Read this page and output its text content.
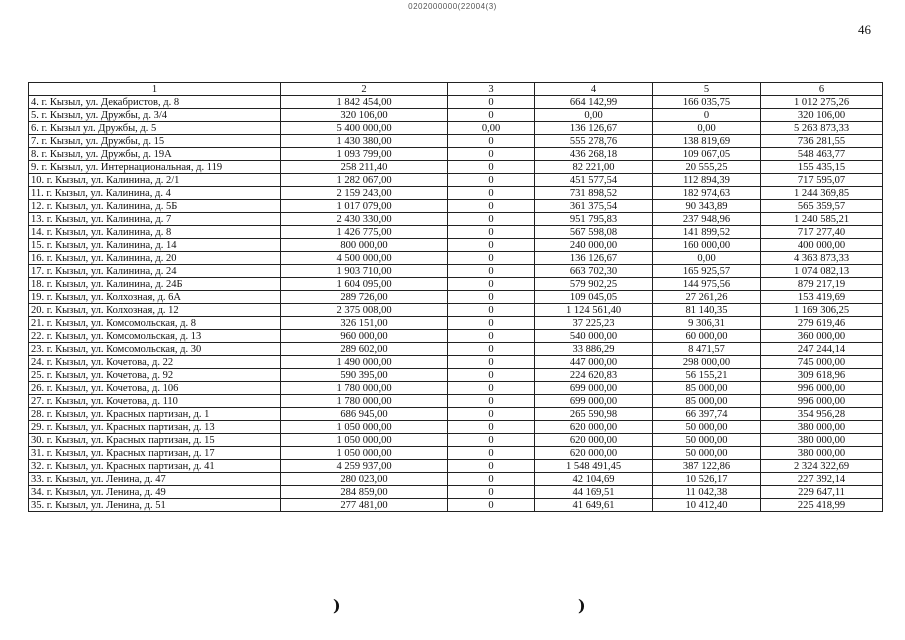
0202000000(22004(3)
46
1	2	3	4	5	6
4. г. Кызыл, ул. Декабристов, д. 8	1 842 454,00	0	664 142,99	166 035,75	1 012 275,26
5. г. Кызыл, ул. Дружбы, д. 3/4	320 106,00	0	0,00	0	320 106,00
6. г. Кызыл ул. Дружбы, д. 5	5 400 000,00	0,00	136 126,67	0,00	5 263 873,33
7. г. Кызыл, ул. Дружбы, д. 15	1 430 380,00	0	555 278,76	138 819,69	736 281,55
8. г. Кызыл, ул. Дружбы, д. 19А	1 093 799,00	0	436 268,18	109 067,05	548 463,77
9. г. Кызыл, ул. Интернациональная, д. 119	258 211,40	0	82 221,00	20 555,25	155 435,15
10. г. Кызыл, ул. Калинина, д. 2/1	1 282 067,00	0	451 577,54	112 894,39	717 595,07
11. г. Кызыл, ул. Калинина, д. 4	2 159 243,00	0	731 898,52	182 974,63	1 244 369,85
12. г. Кызыл, ул. Калинина, д. 5Б	1 017 079,00	0	361 375,54	90 343,89	565 359,57
13. г. Кызыл, ул. Калинина, д. 7	2 430 330,00	0	951 795,83	237 948,96	1 240 585,21
14. г. Кызыл, ул. Калинина, д. 8	1 426 775,00	0	567 598,08	141 899,52	717 277,40
15. г. Кызыл, ул. Калинина, д. 14	800 000,00	0	240 000,00	160 000,00	400 000,00
16. г. Кызыл, ул. Калинина, д. 20	4 500 000,00	0	136 126,67	0,00	4 363 873,33
17. г. Кызыл, ул. Калинина, д. 24	1 903 710,00	0	663 702,30	165 925,57	1 074 082,13
18. г. Кызыл, ул. Калинина, д. 24Б	1 604 095,00	0	579 902,25	144 975,56	879 217,19
19. г. Кызыл, ул. Колхозная, д. 6А	289 726,00	0	109 045,05	27 261,26	153 419,69
20. г. Кызыл, ул. Колхозная, д. 12	2 375 008,00	0	1 124 561,40	81 140,35	1 169 306,25
21. г. Кызыл, ул. Комсомольская, д. 8	326 151,00	0	37 225,23	9 306,31	279 619,46
22. г. Кызыл, ул. Комсомольская, д. 13	960 000,00	0	540 000,00	60 000,00	360 000,00
23. г. Кызыл, ул. Комсомольская, д. 30	289 602,00	0	33 886,29	8 471,57	247 244,14
24. г. Кызыл, ул. Кочетова, д. 22	1 490 000,00	0	447 000,00	298 000,00	745 000,00
25. г. Кызыл, ул. Кочетова, д. 92	590 395,00	0	224 620,83	56 155,21	309 618,96
26. г. Кызыл, ул. Кочетова, д. 106	1 780 000,00	0	699 000,00	85 000,00	996 000,00
27. г. Кызыл, ул. Кочетова, д. 110	1 780 000,00	0	699 000,00	85 000,00	996 000,00
28. г. Кызыл, ул. Красных партизан, д. 1	686 945,00	0	265 590,98	66 397,74	354 956,28
29. г. Кызыл, ул. Красных партизан, д. 13	1 050 000,00	0	620 000,00	50 000,00	380 000,00
30. г. Кызыл, ул. Красных партизан, д. 15	1 050 000,00	0	620 000,00	50 000,00	380 000,00
31. г. Кызыл, ул. Красных партизан, д. 17	1 050 000,00	0	620 000,00	50 000,00	380 000,00
32. г. Кызыл, ул. Красных партизан, д. 41	4 259 937,00	0	1 548 491,45	387 122,86	2 324 322,69
33. г. Кызыл, ул. Ленина, д. 47	280 023,00	0	42 104,69	10 526,17	227 392,14
34. г. Кызыл, ул. Ленина, д. 49	284 859,00	0	44 169,51	11 042,38	229 647,11
35. г. Кызыл, ул. Ленина, д. 51	277 481,00	0	41 649,61	10 412,40	225 418,99
)	)
